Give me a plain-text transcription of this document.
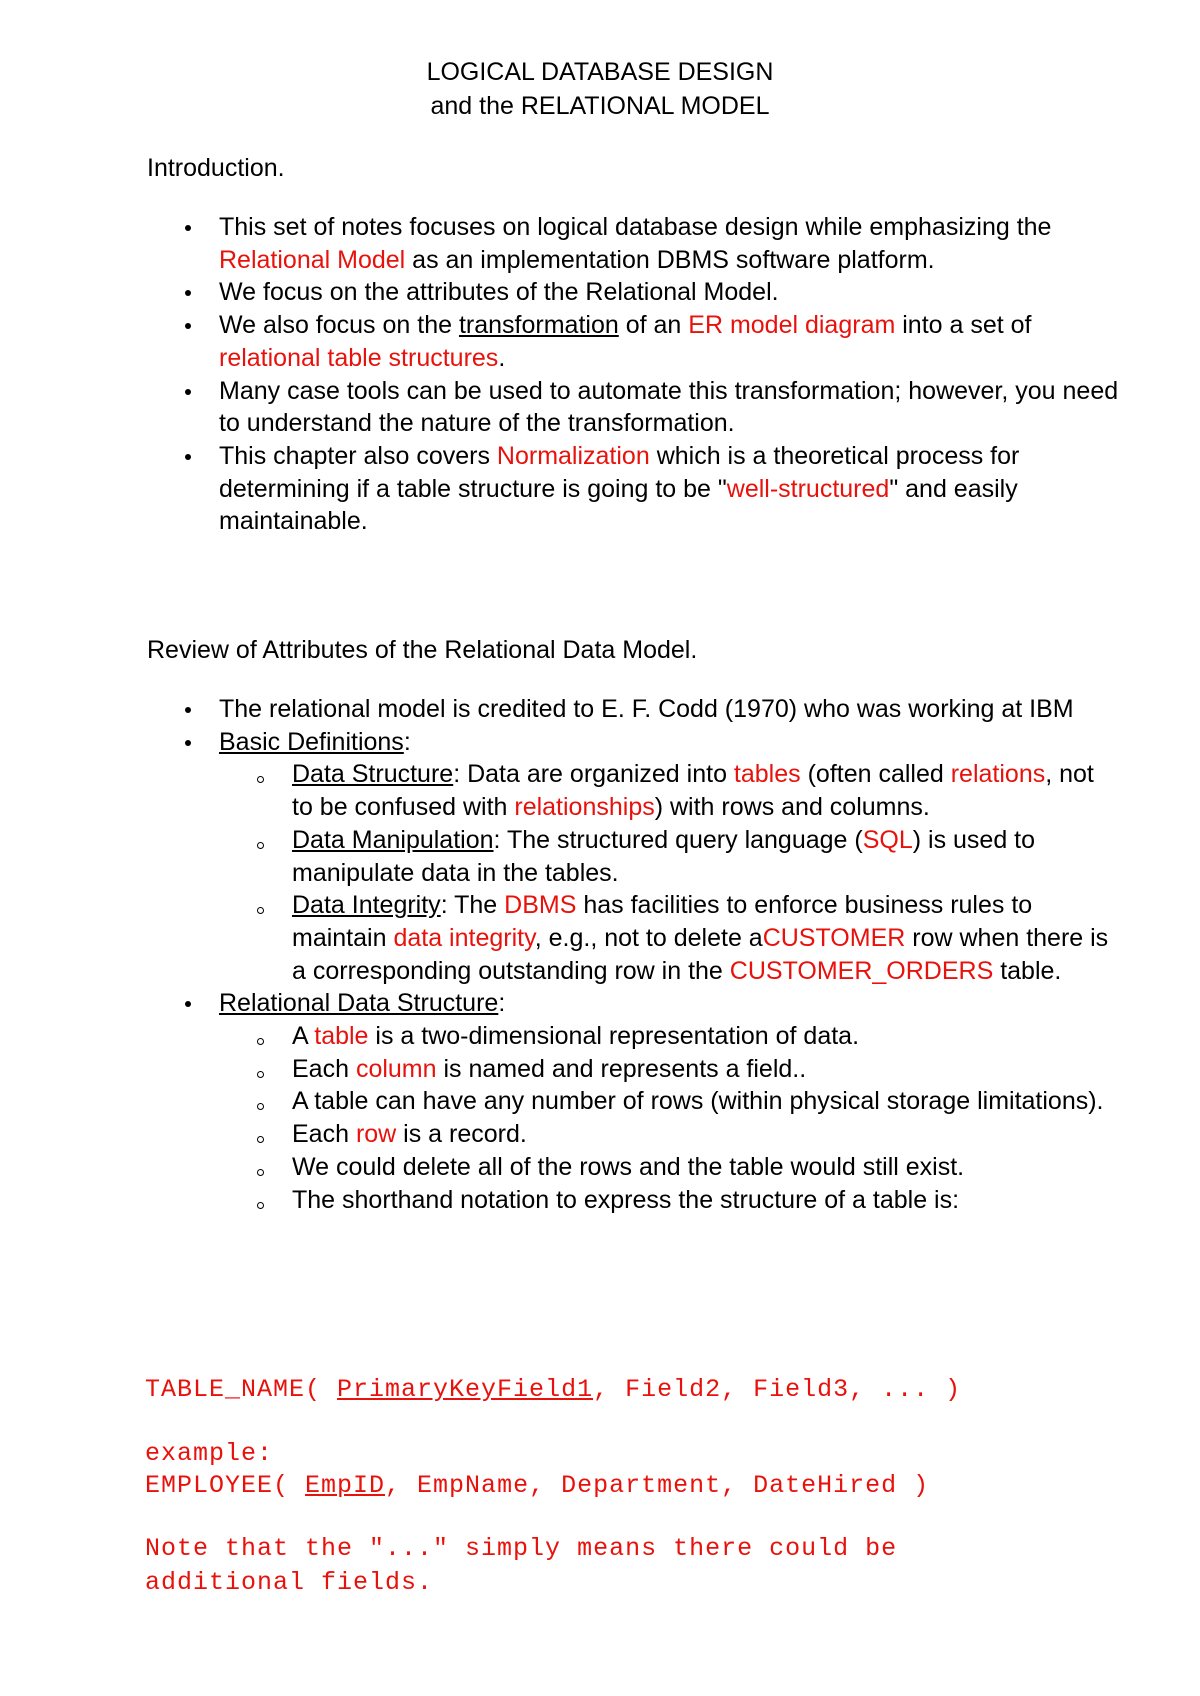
LOGICAL DATABASE DESIGN
and the RELATIONAL MODEL
Introduction.
This set of notes focuses on logical database design while emphasizing the Relational Model as an implementation DBMS software platform.
We focus on the attributes of the Relational Model.
We also focus on the transformation of an ER model diagram into a set of relational table structures.
Many case tools can be used to automate this transformation; however, you need to understand the nature of the transformation.
This chapter also covers Normalization which is a theoretical process for determining if a table structure is going to be "well-structured" and easily maintainable.
Review of Attributes of the Relational Data Model.
The relational model is credited to E. F. Codd (1970) who was working at IBM
Basic Definitions:
Data Structure: Data are organized into tables (often called relations, not to be confused with relationships) with rows and columns.
Data Manipulation: The structured query language (SQL) is used to manipulate data in the tables.
Data Integrity: The DBMS has facilities to enforce business rules to maintain data integrity, e.g., not to delete aCUSTOMER row when there is a corresponding outstanding row in the CUSTOMER_ORDERS table.
Relational Data Structure:
A table is a two-dimensional representation of data.
Each column is named and represents a field..
A table can have any number of rows (within physical storage limitations).
Each row is a record.
We could delete all of the rows and the table would still exist.
The shorthand notation to express the structure of a table is:
TABLE_NAME( PrimaryKeyField1, Field2, Field3, ... )
example:
EMPLOYEE( EmpID, EmpName, Department, DateHired )
Note that the "..." simply means there could be
additional fields.
